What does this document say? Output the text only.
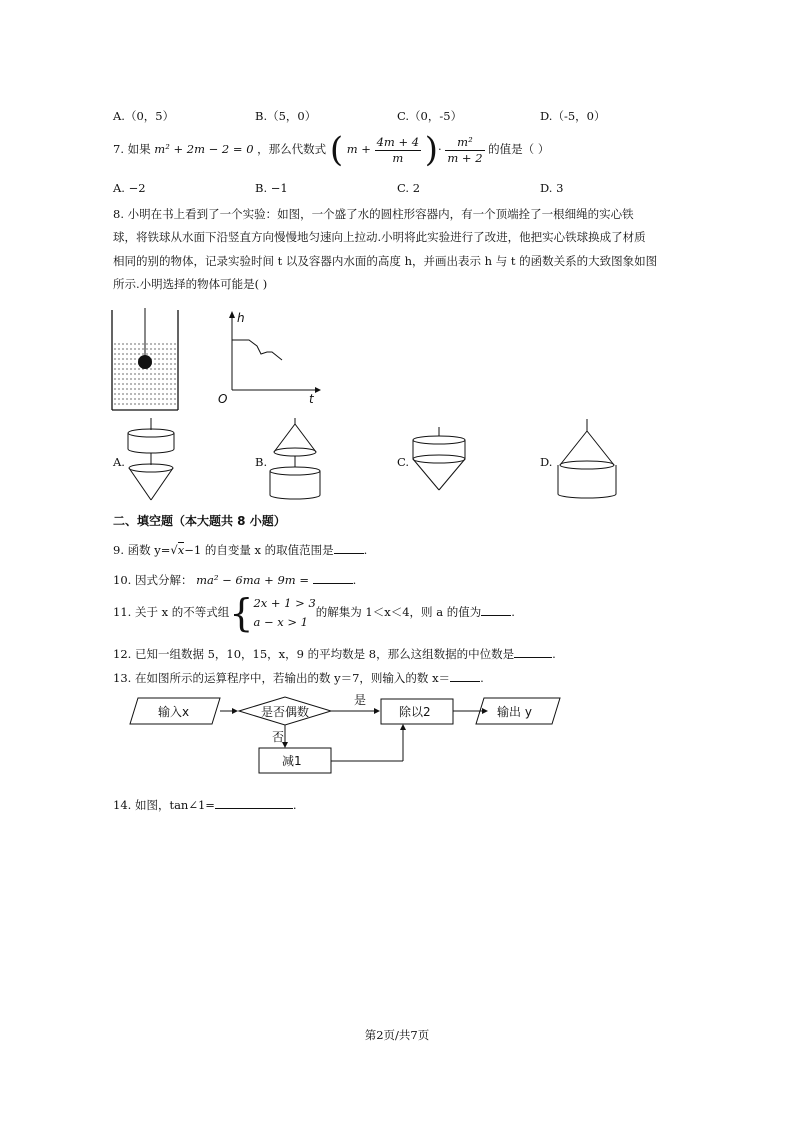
A.（0，5）	B.（5，0）	C.（0，-5）	D.（-5，0）
7. 如果 m² + 2m − 2 = 0 ，那么代数式 ( $m + \frac{4m + 4}{m}$ )· $\frac{\text{m²}}{m + 2}$ 的值是（ ）
A. −2	B. −1	C. 2	D. 3
8. 小明在书上看到了一个实验：如图，一个盛了水的圆柱形容器内，有一个顶端拴了一根细绳的实心铁
球，将铁球从水面下沿竖直方向慢慢地匀速向上拉动.小明将此实验进行了改进，他把实心铁球换成了材质
相同的别的物体，记录实验时间 t 以及容器内水面的高度 h，并画出表示 h 与 t 的函数关系的大致图象如图
所示.小明选择的物体可能是( )
h
O	t
A.	B.	C.	D.
二、填空题（本大题共 8 小题）
9. 函数 y=√x−1 的自变量 x 的取值范围是	.
10. 因式分解： ma² − 6ma + 9m =	.
11. 关于 x 的不等式组{ 2x + 1 > 3
a − x > 1
的解集为 1＜x＜4，则 a 的值为	.
12. 已知一组数据 5，10，15，x，9 的平均数是 8，那么这组数据的中位数是	.
13. 在如图所示的运算程序中，若输出的数 y＝7，则输入的数 x＝	.
输入x	是否偶数
是
除以2	输出 y
否
减1
14. 如图，tan∠1=	.
第2页/共7页
